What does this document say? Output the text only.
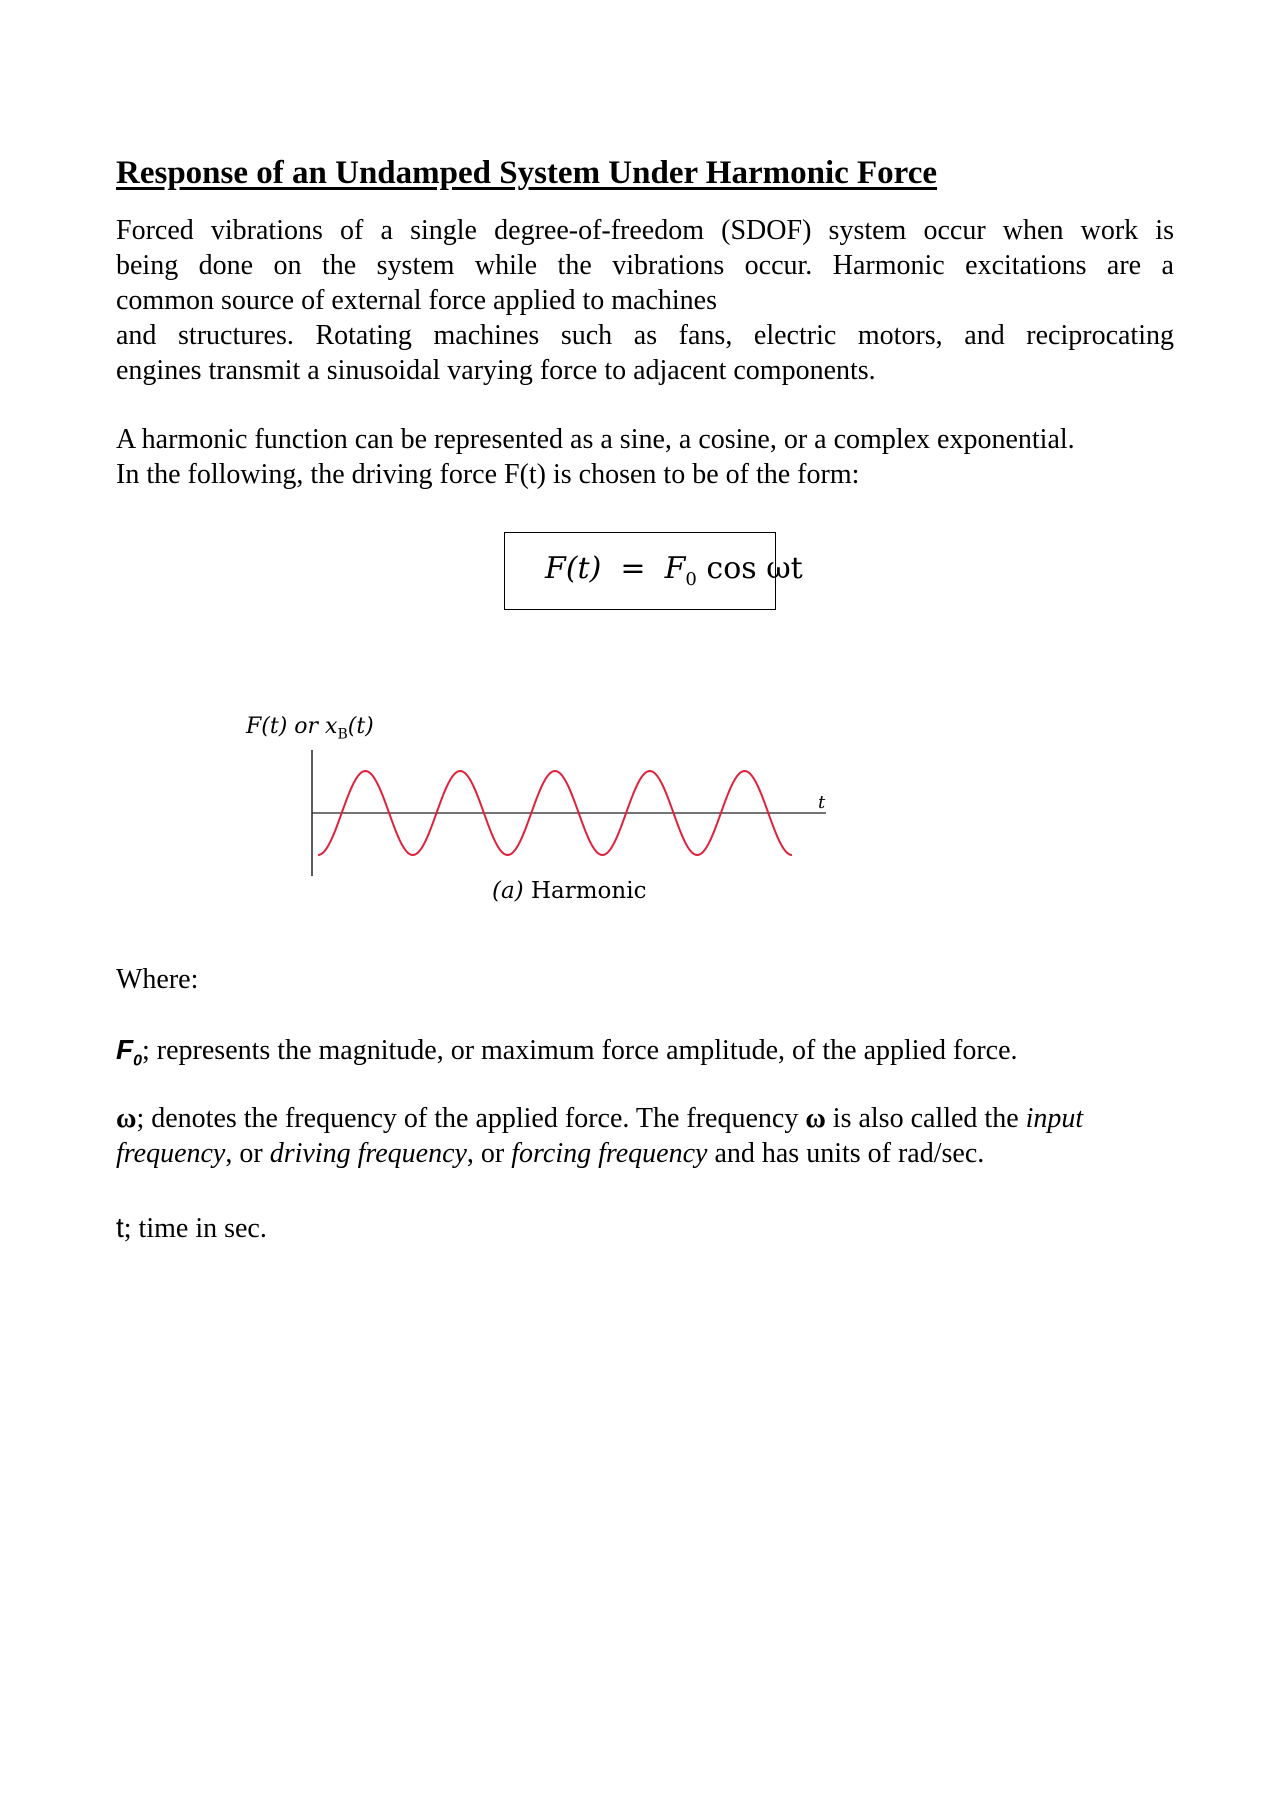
Response of an Undamped System Under Harmonic Force

Forced vibrations of a single degree-of-freedom (SDOF) system occur when work is
being done on the system while the vibrations occur. Harmonic excitations are a
common source of external force applied to machines
and structures. Rotating machines such as fans, electric motors, and reciprocating
engines transmit a sinusoidal varying force to adjacent components.

A harmonic function can be represented as a sine, a cosine, or a complex exponential.
In the following, the driving force F(t) is chosen to be of the form:

$F(t) = F_0$ cos ωt
F(t) or $x_B(t)$
t
(a) Harmonic

Where:

$F_0$; represents the magnitude, or maximum force amplitude, of the applied force.

ω; denotes the frequency of the applied force. The frequency ω is also called the input
frequency, or driving frequency, or forcing frequency and has units of rad/sec.

t; time in sec.
